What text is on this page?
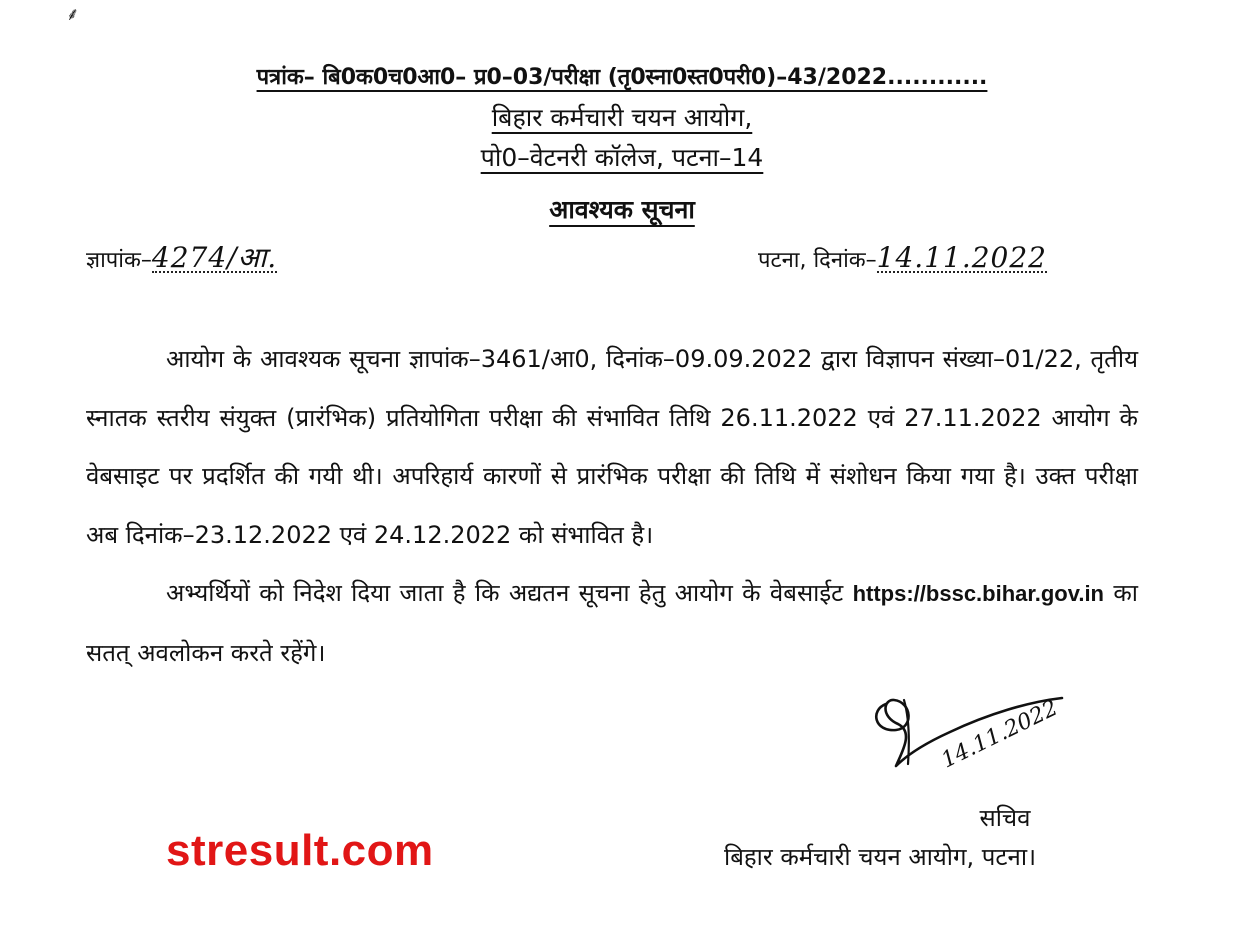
⸙
पत्रांक– बि0क0च0आ0– प्र0–03/परीक्षा (तृ0स्ना0स्त0परी0)–43/2022............
बिहार कर्मचारी चयन आयोग,
पो0–वेटनरी कॉलेज, पटना–14
आवश्यक सूचना
ज्ञापांक–4274/आ.	पटना, दिनांक–14.11.2022

आयोग के आवश्यक सूचना ज्ञापांक–3461/आ0, दिनांक–09.09.2022 द्वारा विज्ञापन संख्या–01/22, तृतीय स्नातक स्तरीय संयुक्त (प्रारंभिक) प्रतियोगिता परीक्षा की संभावित तिथि 26.11.2022 एवं 27.11.2022 आयोग के वेबसाइट पर प्रदर्शित की गयी थी। अपरिहार्य कारणों से प्रारंभिक परीक्षा की तिथि में संशोधन किया गया है। उक्त परीक्षा अब दिनांक–23.12.2022 एवं 24.12.2022 को संभावित है।

अभ्यर्थियों को निदेश दिया जाता है कि अद्यतन सूचना हेतु आयोग के वेबसाईट https://bssc.bihar.gov.in का सतत् अवलोकन करते रहेंगे।

14.11.2022
सचिव
बिहार कर्मचारी चयन आयोग, पटना।
stresult.com
